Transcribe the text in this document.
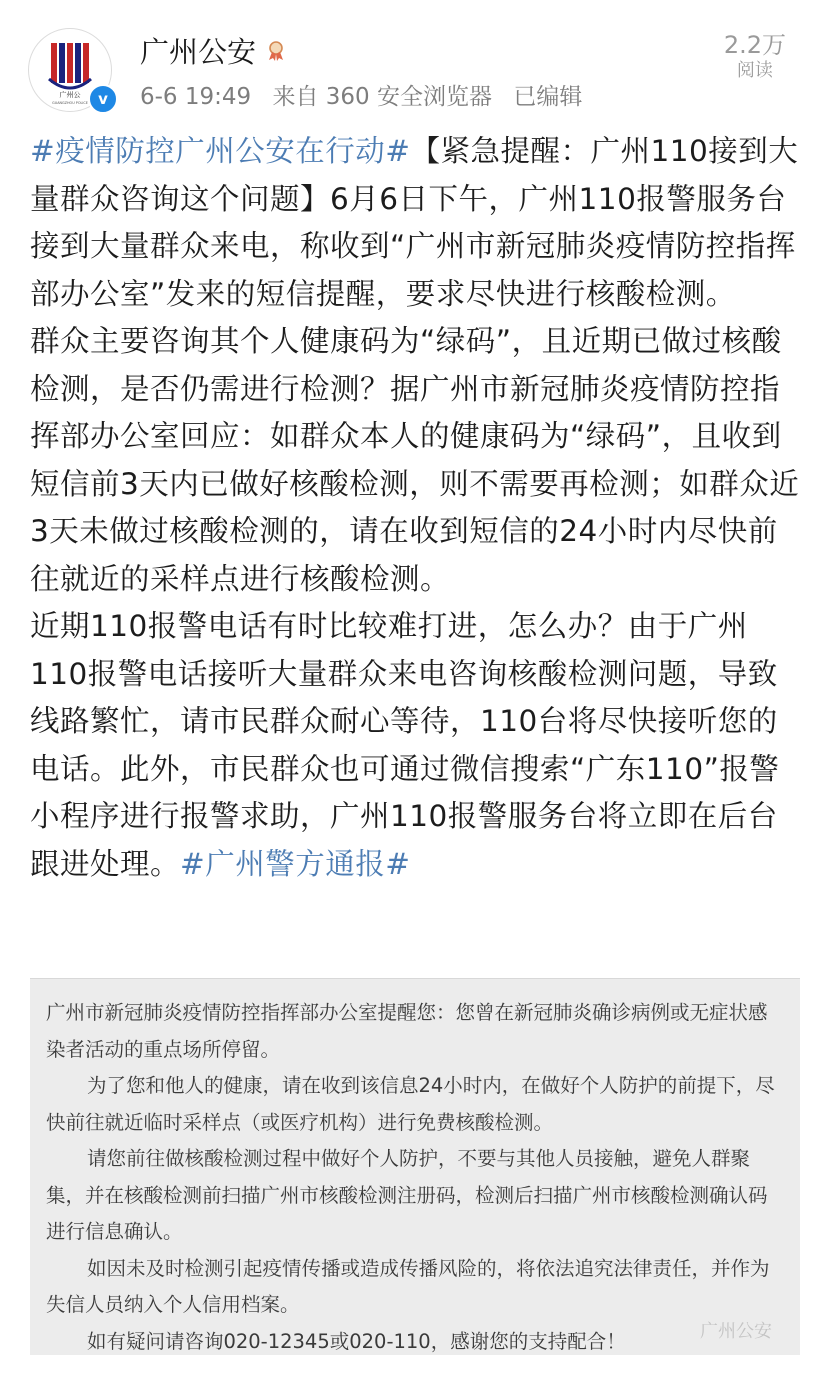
广州公
GUANGZHOU POLICE v
广州公安
6-6 19:49 来自 360 安全浏览器 已编辑
2.2万
阅读

#疫情防控广州公安在行动#【紧急提醒：广州110接到大量群众咨询这个问题】6月6日下午，广州110报警服务台接到大量群众来电，称收到“广州市新冠肺炎疫情防控指挥部办公室”发来的短信提醒，要求尽快进行核酸检测。

群众主要咨询其个人健康码为“绿码”，且近期已做过核酸检测，是否仍需进行检测？据广州市新冠肺炎疫情防控指挥部办公室回应：如群众本人的健康码为“绿码”，且收到短信前3天内已做好核酸检测，则不需要再检测；如群众近3天未做过核酸检测的，请在收到短信的24小时内尽快前往就近的采样点进行核酸检测。

近期110报警电话有时比较难打进，怎么办？由于广州110报警电话接听大量群众来电咨询核酸检测问题，导致线路繁忙，请市民群众耐心等待，110台将尽快接听您的电话。此外，市民群众也可通过微信搜索“广东110”报警小程序进行报警求助，广州110报警服务台将立即在后台跟进处理。#广州警方通报#

广州市新冠肺炎疫情防控指挥部办公室提醒您：您曾在新冠肺炎确诊病例或无症状感染者活动的重点场所停留。

为了您和他人的健康，请在收到该信息24小时内，在做好个人防护的前提下，尽快前往就近临时采样点（或医疗机构）进行免费核酸检测。

请您前往做核酸检测过程中做好个人防护，不要与其他人员接触，避免人群聚集，并在核酸检测前扫描广州市核酸检测注册码，检测后扫描广州市核酸检测确认码进行信息确认。

如因未及时检测引起疫情传播或造成传播风险的，将依法追究法律责任，并作为失信人员纳入个人信用档案。

如有疑问请咨询020-12345或020-110，感谢您的支持配合！	广州公安
